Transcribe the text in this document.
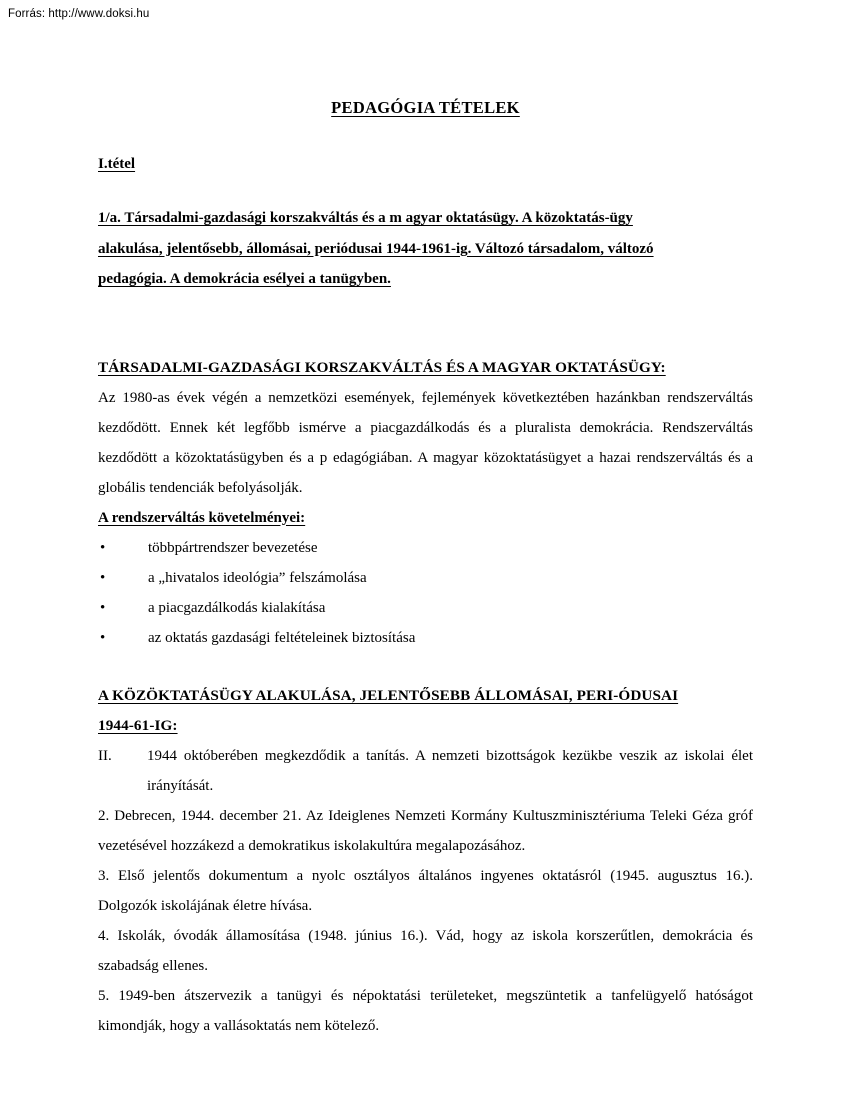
Forrás: http://www.doksi.hu
PEDAGÓGIA TÉTELEK
I.tétel
1/a. Társadalmi-gazdasági korszakváltás és a m agyar oktatásügy. A közoktatás-ügy
alakulása, jelentősebb, állomásai, periódusai 1944-1961-ig. Változó társadalom, változó
pedagógia. A demokrácia esélyei a tanügyben.
TÁRSADALMI-GAZDASÁGI KORSZAKVÁLTÁS ÉS A MAGYAR OKTATÁSÜGY:

Az 1980-as évek végén a nemzetközi események, fejlemények következtében hazánkban rendszerváltás kezdődött. Ennek két legfőbb ismérve a piacgazdálkodás és a pluralista demokrácia. Rendszerváltás kezdődött a közoktatásügyben és a p edagógiában. A magyar közoktatásügyet a hazai rendszerváltás és a globális tendenciák befolyásolják.

A rendszerváltás követelményei:
•	többpártrendszer bevezetése
•	a „hivatalos ideológia” felszámolása
•	a piacgazdálkodás kialakítása
•	az oktatás gazdasági feltételeinek biztosítása
A KÖZÖKTATÁSÜGY ALAKULÁSA, JELENTŐSEBB ÁLLOMÁSAI, PERI-ÓDUSAI
1944-61-IG:
II. 1944 októberében megkezdődik a tanítás. A nemzeti bizottságok kezükbe veszik az iskolai élet irányítását.

2. Debrecen, 1944. december 21. Az Ideiglenes Nemzeti Kormány Kultuszminisztériuma Teleki Géza gróf vezetésével hozzákezd a demokratikus iskolakultúra megalapozásához.

3. Első jelentős dokumentum a nyolc osztályos általános ingyenes oktatásról (1945. augusztus 16.). Dolgozók iskolájának életre hívása.

4. Iskolák, óvodák államosítása (1948. június 16.). Vád, hogy az iskola korszerűtlen, demokrácia és szabadság ellenes.

5. 1949-ben átszervezik a tanügyi és népoktatási területeket, megszüntetik a tanfelügyelő hatóságot kimondják, hogy a vallásoktatás nem kötelező.
